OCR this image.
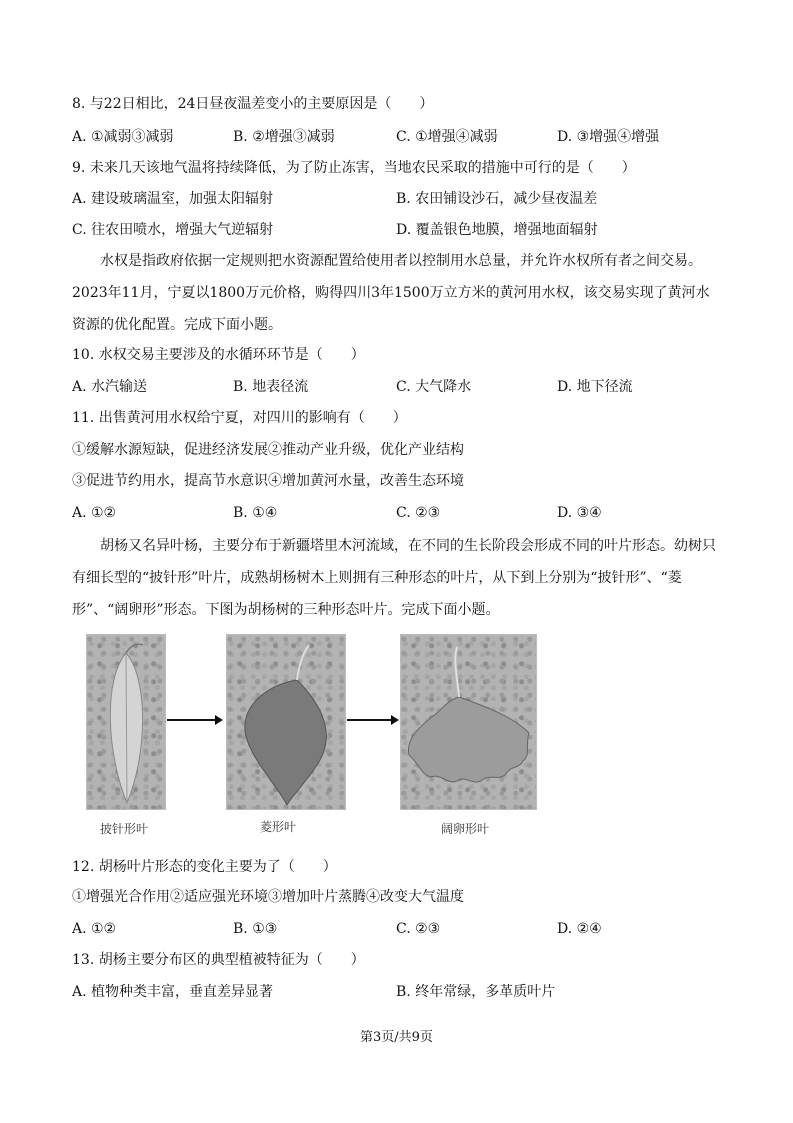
8. 与22日相比，24日昼夜温差变小的主要原因是（　　）
A. ①减弱③减弱	B. ②增强③减弱	C. ①增强④减弱	D. ③增强④增强
9. 未来几天该地气温将持续降低，为了防止冻害，当地农民采取的措施中可行的是（　　）
A. 建设玻璃温室，加强太阳辐射	B. 农田铺设沙石，减少昼夜温差
C. 往农田喷水，增强大气逆辐射	D. 覆盖银色地膜，增强地面辐射
水权是指政府依据一定规则把水资源配置给使用者以控制用水总量，并允许水权所有者之间交易。2023年11月，宁夏以1800万元价格，购得四川3年1500万立方米的黄河用水权，该交易实现了黄河水资源的优化配置。完成下面小题。
10. 水权交易主要涉及的水循环环节是（　　）
A. 水汽输送	B. 地表径流	C. 大气降水	D. 地下径流
11. 出售黄河用水权给宁夏，对四川的影响有（　　）
①缓解水源短缺，促进经济发展②推动产业升级，优化产业结构
③促进节约用水，提高节水意识④增加黄河水量，改善生态环境
A. ①②	B. ①④	C. ②③	D. ③④
胡杨又名异叶杨，主要分布于新疆塔里木河流域，在不同的生长阶段会形成不同的叶片形态。幼树只有细长型的“披针形”叶片，成熟胡杨树木上则拥有三种形态的叶片，从下到上分别为“披针形”、“菱形”、“阔卵形”形态。下图为胡杨树的三种形态叶片。完成下面小题。
披针形叶	菱形叶	阔卵形叶
12. 胡杨叶片形态的变化主要为了（　　）
①增强光合作用②适应强光环境③增加叶片蒸腾④改变大气温度
A. ①②	B. ①③	C. ②③	D. ②④
13. 胡杨主要分布区的典型植被特征为（　　）
A. 植物种类丰富，垂直差异显著	B. 终年常绿，多革质叶片
第3页/共9页
